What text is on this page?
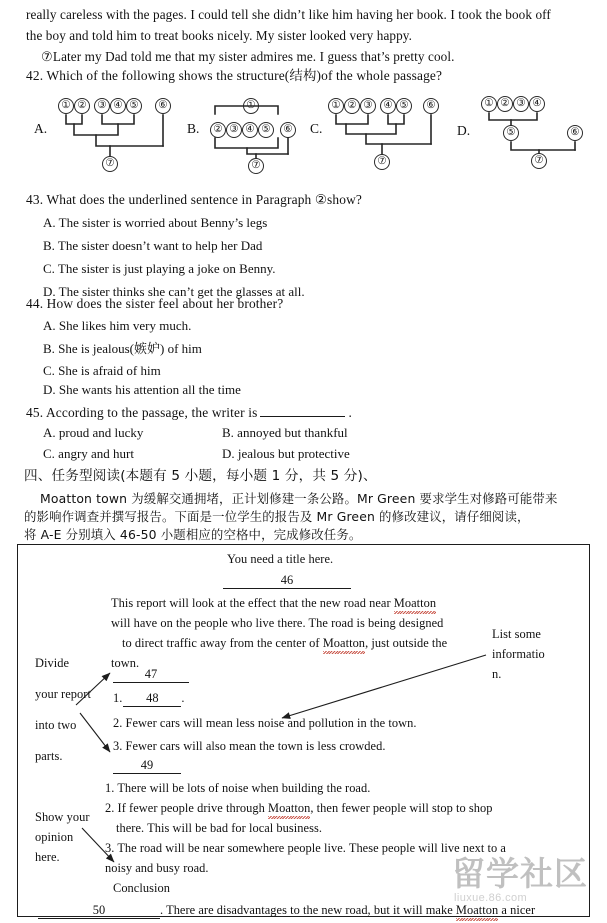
really careless with the pages. I could tell she didn’t like him having her book. I took the book off
the boy and told him to treat books nicely. My sister looked very happy.
⑦Later my Dad told me that my sister admires me. I guess that’s pretty cool.
42. Which of the following shows the structure(结构)of the whole passage?
A.
① ②	③ ④ ⑤	⑥
⑦
B.
①
② ③ ④ ⑤	⑥
⑦
C.
① ② ③	④ ⑤	⑥
⑦
D.
① ② ③ ④
⑤	⑥
⑦
43. What does the underlined sentence in Paragraph ②show?
A. The sister is worried about Benny’s legs
B. The sister doesn’t want to help her Dad
C. The sister is just playing a joke on Benny.
D. The sister thinks she can’t get the glasses at all.
44. How does the sister feel about her brother?
A. She likes him very much.
B. She is jealous(嫉妒) of him
C. She is afraid of him
D. She wants his attention all the time
45. According to the passage, the writer is	.
A. proud and lucky	B. annoyed but thankful
C. angry and hurt	D. jealous but protective
四、任务型阅读(本题有 5 小题，每小题 1 分，共 5 分)、
Moatton town 为缓解交通拥堵，正计划修建一条公路。Mr Green 要求学生对修路可能带来
的影响作调查并撰写报告。下面是一位学生的报告及 Mr Green 的修改建议，请仔细阅读，
将 A-E 分别填入 46-50 小题相应的空格中，完成修改任务。
You need a title here.
46
This report will look at the effect that the new road near Moatton
will have on the people who live there. The road is being designed
to direct traffic away from the center of Moatton, just outside the
town.
Divide
your report
into two
parts.
List some
informatio
n.
47
1. 48 .
2. Fewer cars will mean less noise and pollution in the town.
3. Fewer cars will also mean the town is less crowded.
49
1. There will be lots of noise when building the road.
2. If fewer people drive through Moatton, then fewer people will stop to shop
there. This will be bad for local business.
3. The road will be near somewhere people live. These people will live next to a
noisy and busy road.
Show your
opinion
here.
Conclusion
50	. There are disadvantages to the new road, but it will make Moatton a nicer
留学社区
liuxue.86.com
